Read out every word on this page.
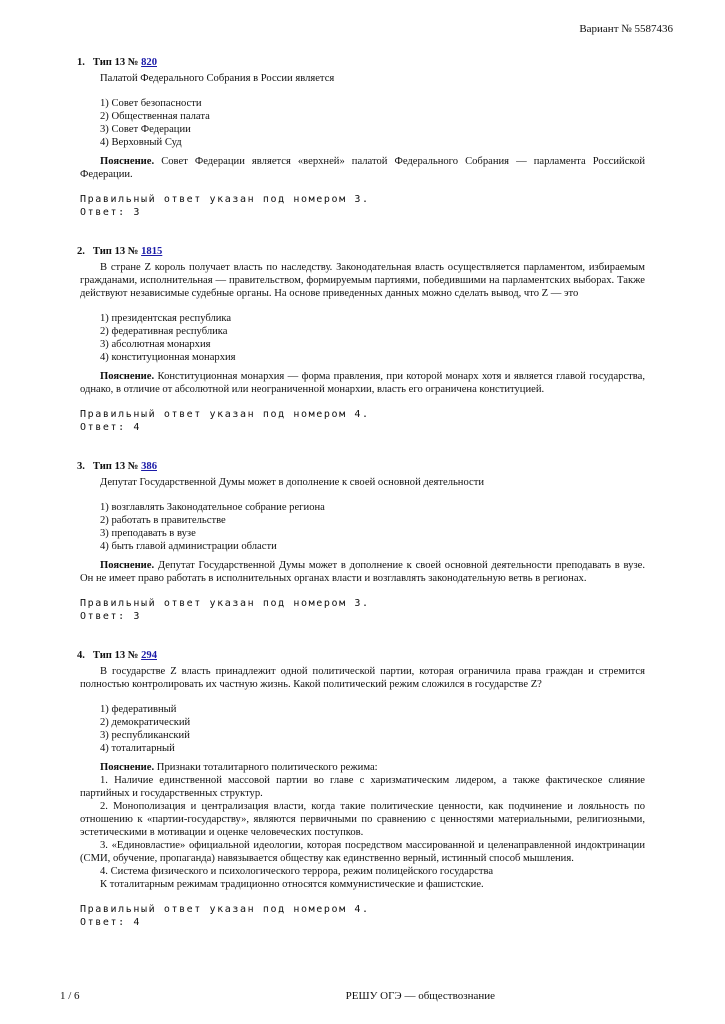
Вариант № 5587436
1. Тип 13 № 820
Палатой Федерального Собрания в России является
1) Совет безопасности
2) Общественная палата
3) Совет Федерации
4) Верховный Суд

Пояснение. Совет Федерации является «верхней» палатой Федерального Собрания — парламента Российской Федерации.

Правильный ответ указан под номером 3.
Ответ: 3
2. Тип 13 № 1815
В стране Z король получает власть по наследству. Законодательная власть осуществляется парламентом, избираемым гражданами, исполнительная — правительством, формируемым партиями, победившими на парламентских выборах. Также действуют независимые судебные органы. На основе приведенных данных можно сделать вывод, что Z — это
1) президентская республика
2) федеративная республика
3) абсолютная монархия
4) конституционная монархия

Пояснение. Конституционная монархия — форма правления, при которой монарх хотя и является главой государства, однако, в отличие от абсолютной или неограниченной монархии, власть его ограничена конституцией.

Правильный ответ указан под номером 4.
Ответ: 4
3. Тип 13 № 386
Депутат Государственной Думы может в дополнение к своей основной деятельности
1) возглавлять Законодательное собрание региона
2) работать в правительстве
3) преподавать в вузе
4) быть главой администрации области

Пояснение. Депутат Государственной Думы может в дополнение к своей основной деятельности преподавать в вузе. Он не имеет право работать в исполнительных органах власти и возглавлять законодательную ветвь в регионах.

Правильный ответ указан под номером 3.
Ответ: 3
4. Тип 13 № 294
В государстве Z власть принадлежит одной политической партии, которая ограничила права граждан и стремится полностью контролировать их частную жизнь. Какой политический режим сложился в государстве Z?
1) федеративный
2) демократический
3) республиканский
4) тоталитарный

Пояснение. Признаки тоталитарного политического режима:

1. Наличие единственной массовой партии во главе с харизматическим лидером, а также фактическое слияние партийных и государственных структур.

2. Монополизация и централизация власти, когда такие политические ценности, как подчинение и лояльность по отношению к «партии-государству», являются первичными по сравнению с ценностями материальными, религиозными, эстетическими в мотивации и оценке человеческих поступков.

3. «Единовластие» официальной идеологии, которая посредством массированной и целенаправленной индоктринации (СМИ, обучение, пропаганда) навязывается обществу как единственно верный, истинный способ мышления.

4. Система физического и психологического террора, режим полицейского государства

К тоталитарным режимам традиционно относятся коммунистические и фашистские.

Правильный ответ указан под номером 4.
Ответ: 4
1 / 6	РЕШУ ОГЭ — обществознание
